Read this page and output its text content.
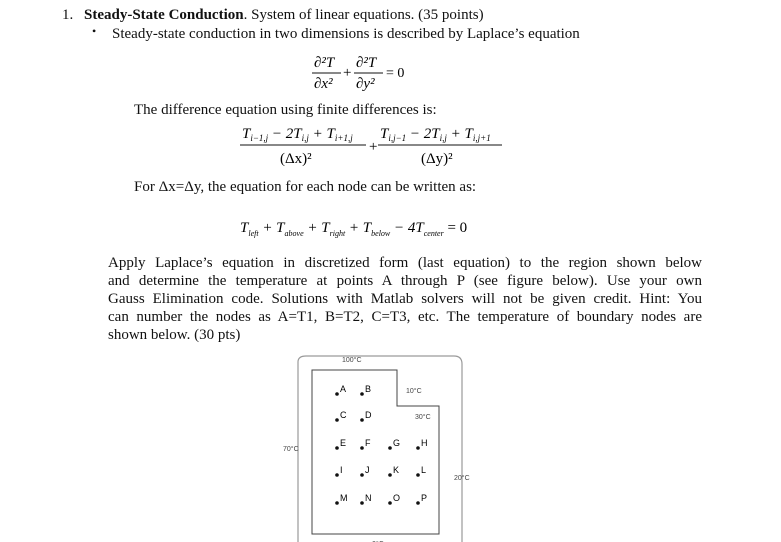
1. Steady-State Conduction. System of linear equations. (35 points)
• Steady-state conduction in two dimensions is described by Laplace’s equation
∂²T
∂x²
+
∂²T
∂y²
= 0
The difference equation using finite differences is:
$T_{i-1,j} - 2T_{i,j} + T_{i+1,j}$
(Δx)²
+
$T_{i,j-1} - 2T_{i,j} + T_{i,j+1}$
(Δy)²
For Δx=Δy, the equation for each node can be written as:
$T_{left} + T_{above} + T_{right} + T_{below} - 4T_{center} = 0$
Apply Laplace’s equation in discretized form (last equation) to the region shown below
and determine the temperature at points A through P (see figure below). Use your own
Gauss Elimination code. Solutions with Matlab solvers will not be given credit. Hint: You
can number the nodes as A=T1, B=T2, C=T3, etc. The temperature of boundary nodes are
shown below. (30 pts)
100°C
70°C
10°C
30°C
20°C
A B
C D
E F	G H
I J	K L
M N O P
